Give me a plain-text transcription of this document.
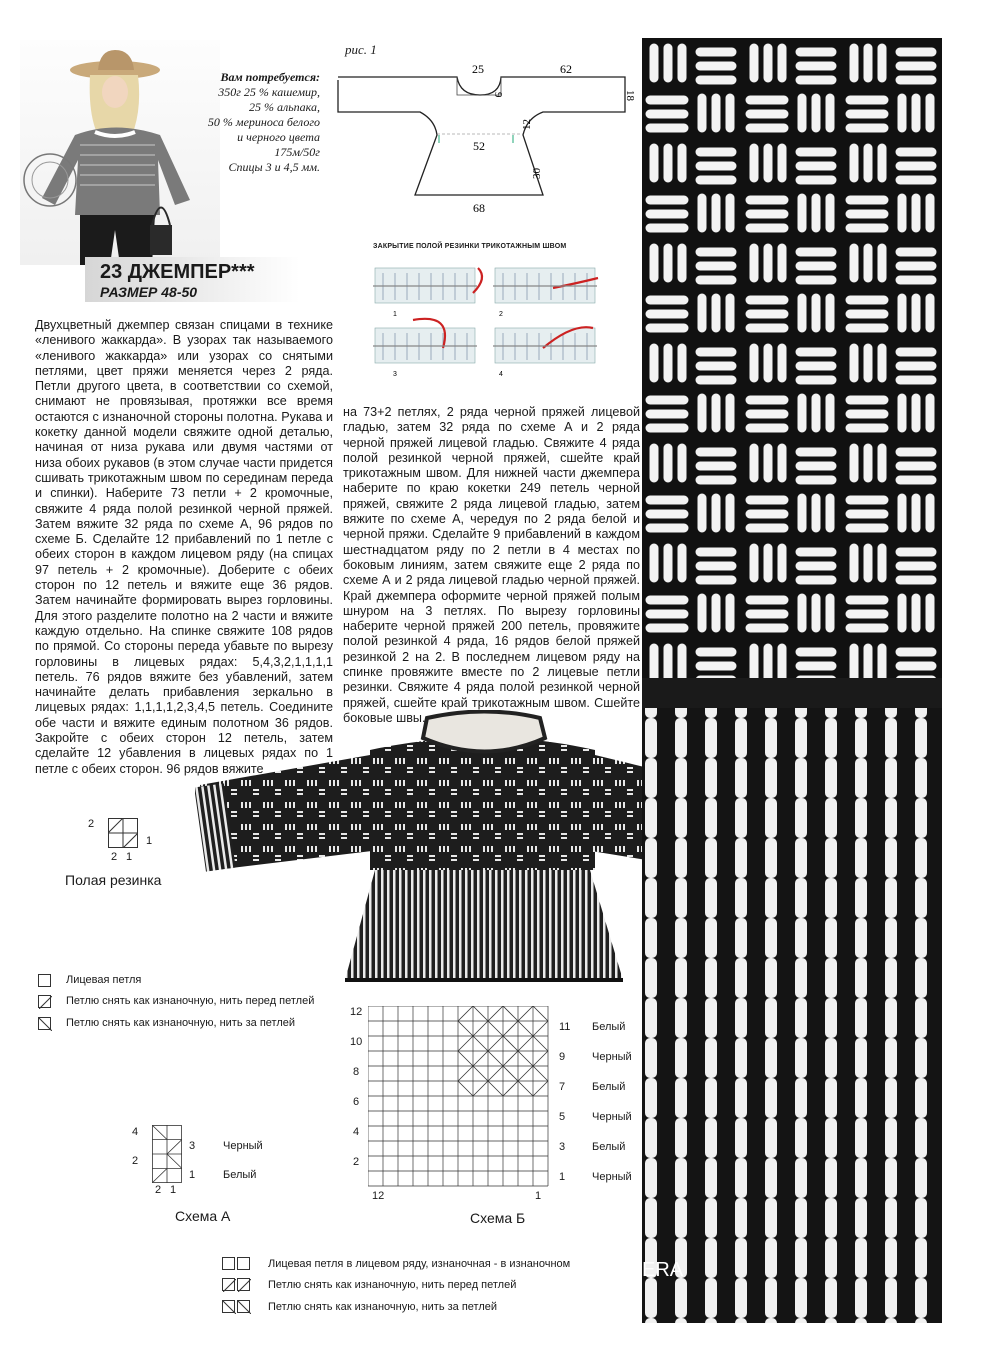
Вам потребуется:
350г 25 % кашемир,
25 % альпака,
50 % мериноса белого
и черного цвета
175м/50г
Спицы 3 и 4,5 мм.
23 ДЖЕМПЕР***
РАЗМЕР 48-50
рис. 1
25	62
9	18
12
52
30
68
ЗАКРЫТИЕ ПОЛОЙ РЕЗИНКИ ТРИКОТАЖНЫМ ШВОМ
1	2
3	4
Двухцветный джемпер связан спицами в технике «ленивого жаккарда». В узорах так называемого «ленивого жаккарда» или узорах со снятыми петлями, цвет пряжи меняется через 2 ряда. Петли другого цвета, в соответствии со схемой, снимают не провязывая, протяжки все время остаются с изнаночной стороны полотна. Рукава и кокетку данной модели свяжите одной деталью, начиная от низа рукава или двумя частями от низа обоих рукавов (в этом случае части придется сшивать трикотажным швом по серединам переда и спинки). Наберите 73 петли + 2 кромочные, свяжите 4 ряда полой резинкой черной пряжей. Затем вяжите 32 ряда по схеме А, 96 рядов по схеме Б. Сделайте 12 прибавлений по 1 петле с обеих сторон в каждом лицевом ряду (на спицах 97 петель + 2 кромочные). Доберите с обеих сторон по 12 петель и вяжите еще 36 рядов. Затем начинайте формировать вырез горловины. Для этого разделите полотно на 2 части и вяжите каждую отдельно. На спинке свяжите 108 рядов по прямой. Со стороны переда убавьте по вырезу горловины в лицевых рядах: 5,4,3,2,1,1,1,1 петель. 76 рядов вяжите без убавлений, затем начинайте делать прибавления зеркально в лицевых рядах: 1,1,1,1,2,3,4,5 петель. Соедините обе части и вяжите единым полотном 36 рядов. Закройте с обеих сторон 12 петель, затем сделайте 12 убавления в лицевых рядах по 1 петле с обеих сторон. 96 рядов вяжите
на 73+2 петлях, 2 ряда черной пряжей лицевой гладью, затем 32 ряда по схеме А и 2 ряда черной пряжей лицевой гладью. Свяжите 4 ряда полой резинкой черной пряжей, сшейте край трикотажным швом. Для нижней части джемпера наберите по краю кокетки 249 петель черной пряжей, свяжите 2 ряда лицевой гладью, затем вяжите по схеме А, чередуя по 2 ряда белой и черной пряжи. Сделайте 9 прибавлений в каждом шестнадцатом ряду по 2 петли в 4 местах по боковым линиям, затем свяжите еще 2 ряда по схеме А и 2 ряда лицевой гладью черной пряжей. Край джемпера оформите черной пряжей полым шнуром на 3 петлях. По вырезу горловины наберите черной пряжей 200 петель, провяжите полой резинкой 4 ряда, 16 рядов белой пряжей резинкой 2 на 2. В последнем лицевом ряду на спинке провяжите вместе по 2 лицевые петли резинки. Свяжите 4 ряда полой резинкой черной пряжей, сшейте край трикотажным швом. Сшейте боковые швы.
ERA
2
1
2 1
Полая резинка
Лицевая петля
Петлю снять как изнаночную, нить перед петлей
Петлю снять как изнаночную, нить за петлей
4
2
3
1
2 1
Черный
Белый
Схема А
12
10
8
6
4
2
11
9
7
5
3
1
Белый
Черный
Белый
Черный
Белый
Черный
12	1
Схема Б
Лицевая петля в лицевом ряду, изнаночная - в изнаночном
Петлю снять как изнаночную, нить перед петлей
Петлю снять как изнаночную, нить за петлей
